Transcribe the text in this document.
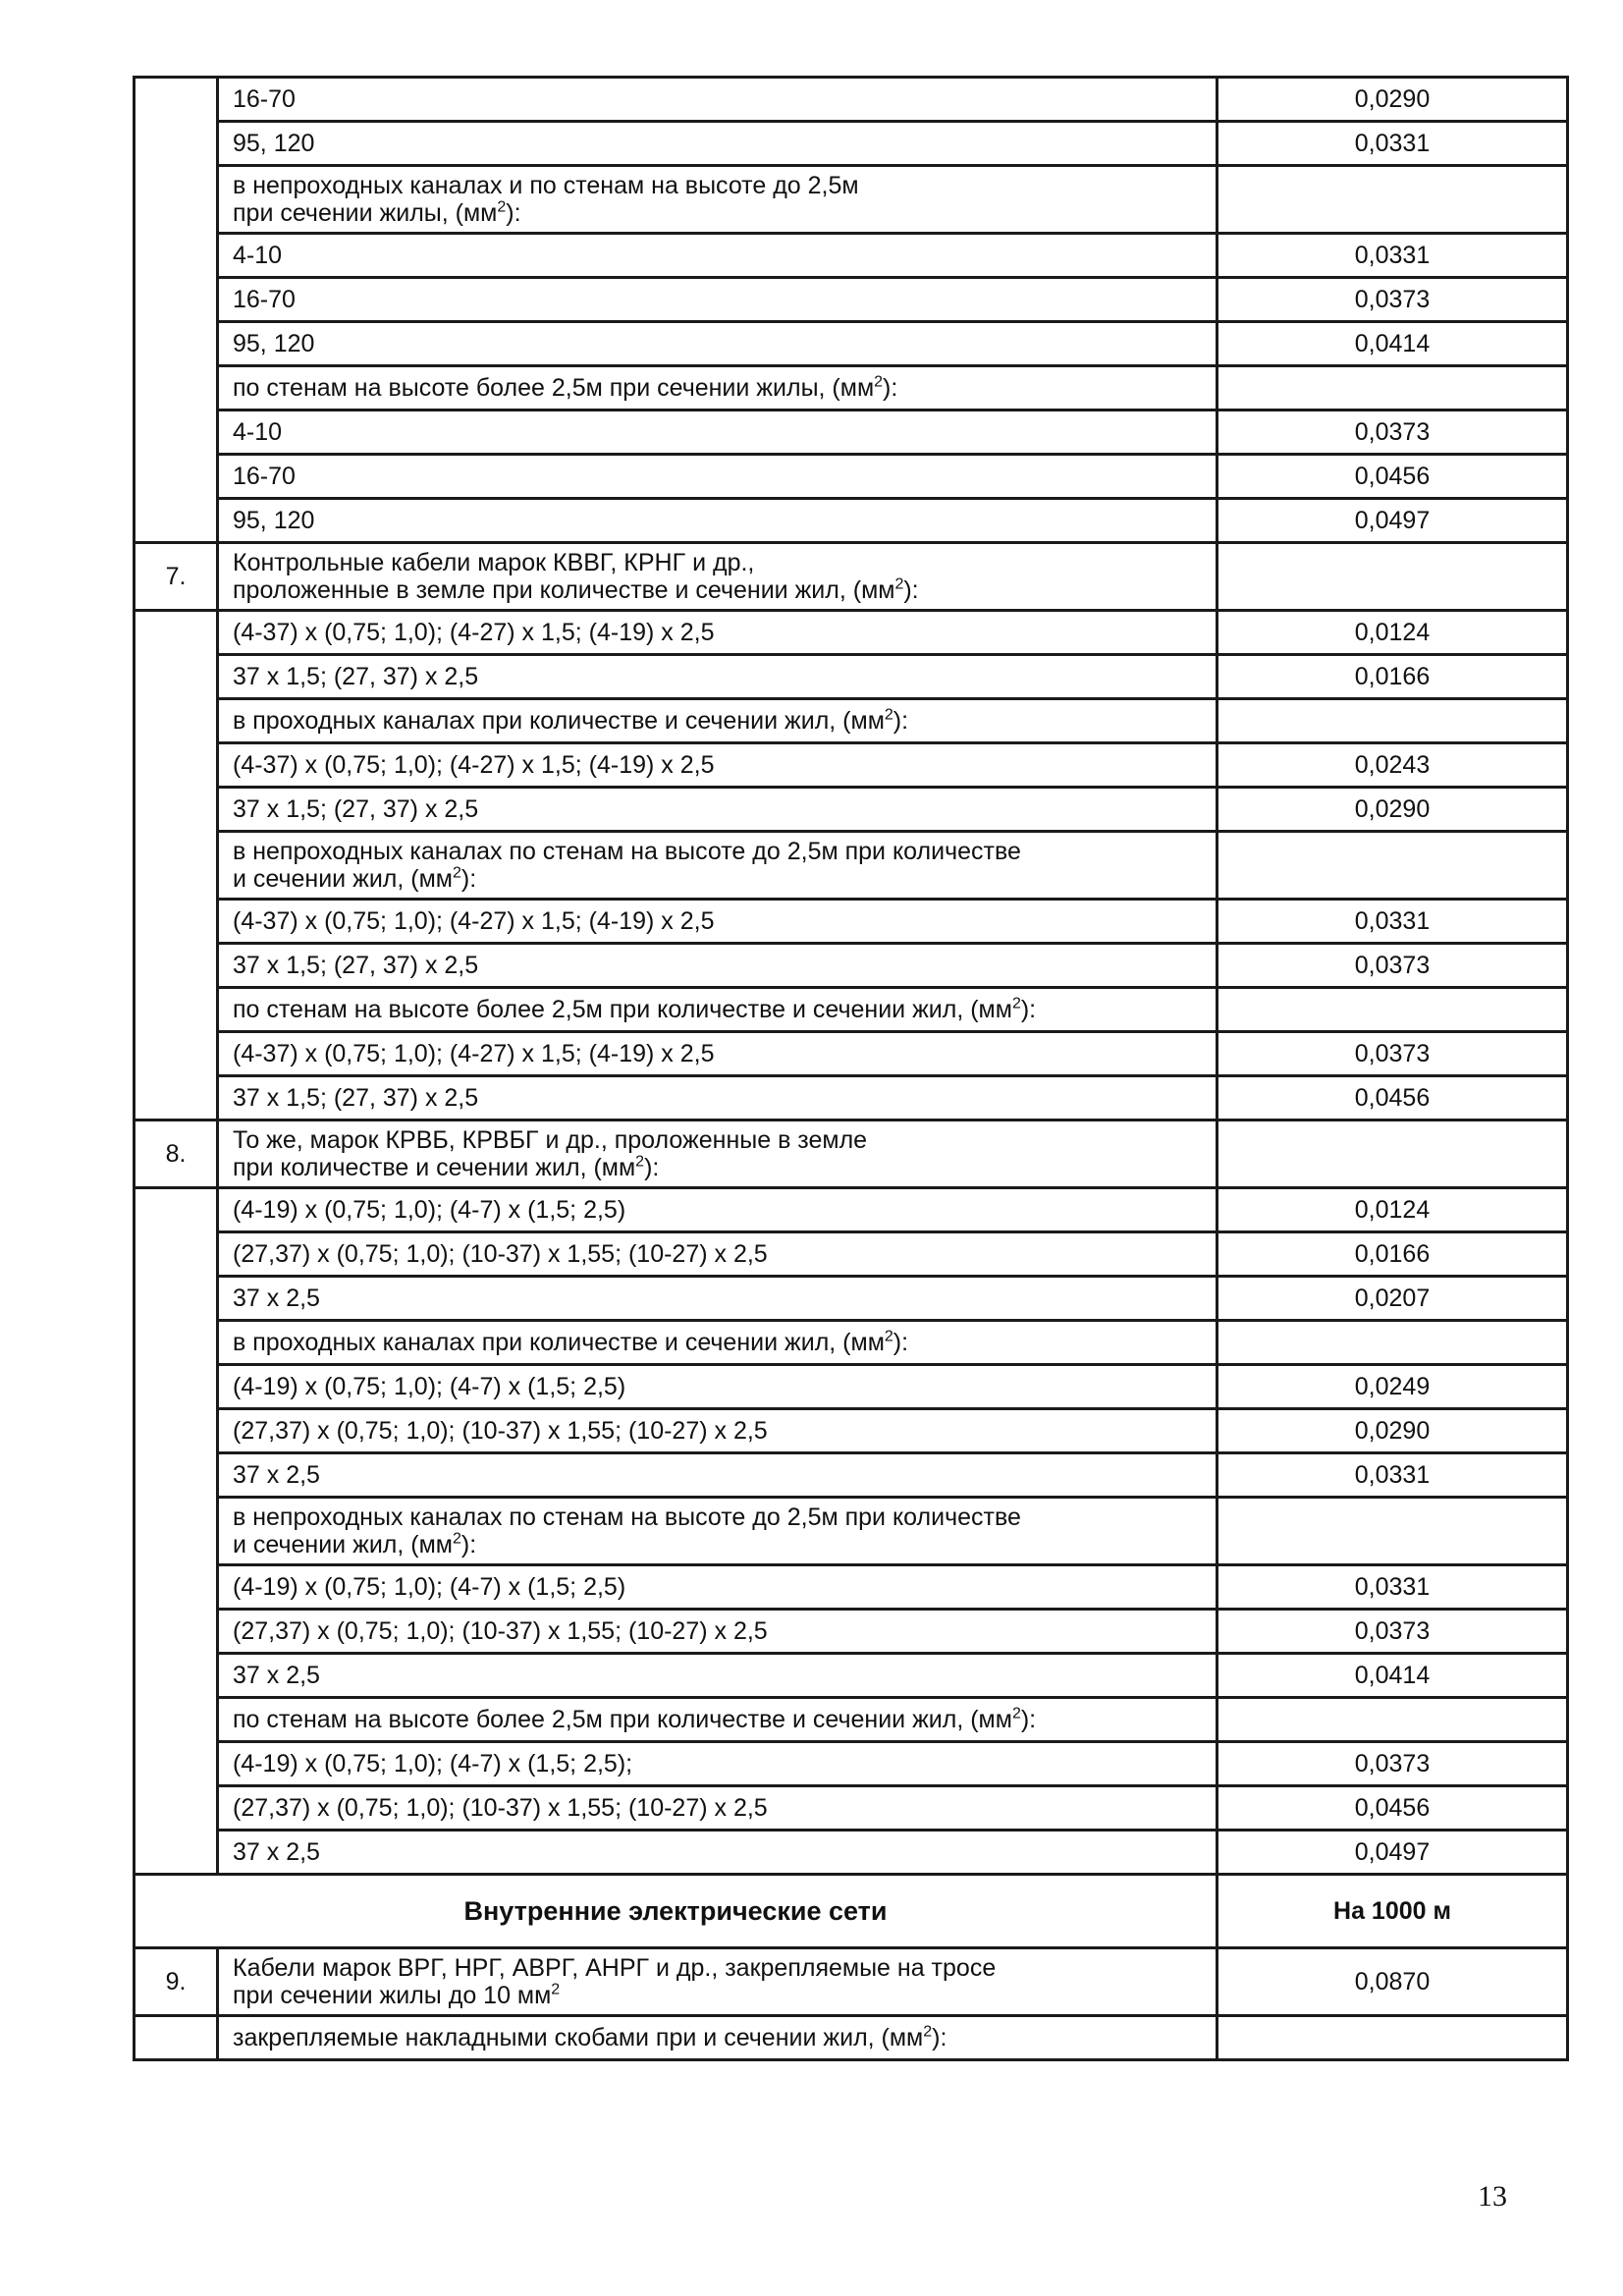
	16-70	0,0290
	95, 120	0,0331
	в непроходных каналах и по стенам на высоте до 2,5м
при сечении жилы, $(мм^2)$:	
	4-10	0,0331
	16-70	0,0373
	95, 120	0,0414
	по стенам на высоте более 2,5м при сечении жилы, $(мм^2)$:	
	4-10	0,0373
	16-70	0,0456
	95, 120	0,0497
7.	Контрольные кабели марок КВВГ, КРНГ и др.,
проложенные в земле при количестве и сечении жил, $(мм^2)$:	
	(4-37) х (0,75; 1,0); (4-27) х 1,5; (4-19) х 2,5	0,0124
	37 х 1,5; (27, 37) х 2,5	0,0166
	в проходных каналах при количестве и сечении жил, $(мм^2)$:	
	(4-37) х (0,75; 1,0); (4-27) х 1,5; (4-19) х 2,5	0,0243
	37 х 1,5; (27, 37) х 2,5	0,0290
	в непроходных каналах по стенам на высоте до 2,5м при количестве
и сечении жил, $(мм^2)$:	
	(4-37) х (0,75; 1,0); (4-27) х 1,5; (4-19) х 2,5	0,0331
	37 х 1,5; (27, 37) х 2,5	0,0373
	по стенам на высоте более 2,5м при количестве и сечении жил, $(мм^2)$:	
	(4-37) х (0,75; 1,0); (4-27) х 1,5; (4-19) х 2,5	0,0373
	37 х 1,5; (27, 37) х 2,5	0,0456
8.	То же, марок КРВБ, КРВБГ и др., проложенные в земле
при количестве и сечении жил, $(мм^2)$:	
	(4-19) х (0,75; 1,0); (4-7) х (1,5; 2,5)	0,0124
	(27,37) х (0,75; 1,0); (10-37) х 1,55; (10-27) х 2,5	0,0166
	37 х 2,5	0,0207
	в проходных каналах при количестве и сечении жил, $(мм^2)$:	
	(4-19) х (0,75; 1,0); (4-7) х (1,5; 2,5)	0,0249
	(27,37) х (0,75; 1,0); (10-37) х 1,55; (10-27) х 2,5	0,0290
	37 х 2,5	0,0331
	в непроходных каналах по стенам на высоте до 2,5м при количестве
и сечении жил, $(мм^2)$:	
	(4-19) х (0,75; 1,0); (4-7) х (1,5; 2,5)	0,0331
	(27,37) х (0,75; 1,0); (10-37) х 1,55; (10-27) х 2,5	0,0373
	37 х 2,5	0,0414
	по стенам на высоте более 2,5м при количестве и сечении жил, $(мм^2)$:	
	(4-19) х (0,75; 1,0); (4-7) х (1,5; 2,5);	0,0373
	(27,37) х (0,75; 1,0); (10-37) х 1,55; (10-27) х 2,5	0,0456
	37 х 2,5	0,0497
Внутренние электрические сети		На 1000 м
9.	Кабели марок ВРГ, НРГ, АВРГ, АНРГ и др., закрепляемые на тросе
при сечении жилы до 10 $мм^2$	0,0870
	закрепляемые накладными скобами при и сечении жил, $(мм^2)$:	
13
